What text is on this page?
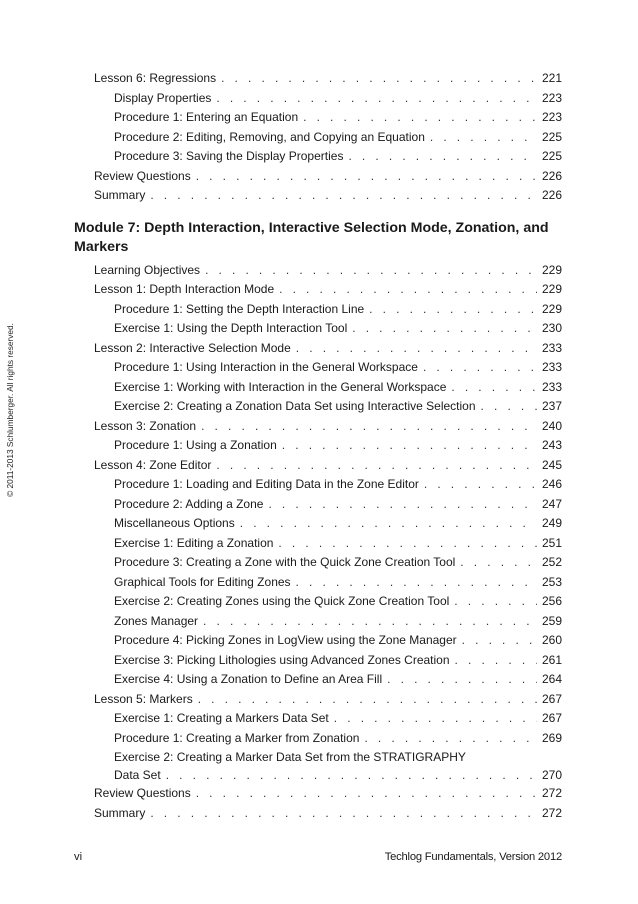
© 2011-2013 Schlumberger. All rights reserved.
Lesson 6: Regressions . . .	221
Display Properties . . .	223
Procedure 1: Entering an Equation . . .	223
Procedure 2: Editing, Removing, and Copying an Equation . . .	225
Procedure 3: Saving the Display Properties . . .	225
Review Questions . . .	226
Summary . . .	226
Module 7: Depth Interaction, Interactive Selection Mode, Zonation, and Markers
Learning Objectives . . .	229
Lesson 1: Depth Interaction Mode . . .	229
Procedure 1: Setting the Depth Interaction Line . . .	229
Exercise 1: Using the Depth Interaction Tool . . .	230
Lesson 2: Interactive Selection Mode . . .	233
Procedure 1: Using Interaction in the General Workspace . . .	233
Exercise 1: Working with Interaction in the General Workspace . . .	233
Exercise 2: Creating a Zonation Data Set using Interactive Selection . . .	237
Lesson 3: Zonation . . .	240
Procedure 1: Using a Zonation . . .	243
Lesson 4: Zone Editor . . .	245
Procedure 1: Loading and Editing Data in the Zone Editor . . .	246
Procedure 2: Adding a Zone . . .	247
Miscellaneous Options . . .	249
Exercise 1: Editing a Zonation . . .	251
Procedure 3: Creating a Zone with the Quick Zone Creation Tool . . .	252
Graphical Tools for Editing Zones . . .	253
Exercise 2: Creating Zones using the Quick Zone Creation Tool . . .	256
Zones Manager . . .	259
Procedure 4: Picking Zones in LogView using the Zone Manager . . .	260
Exercise 3: Picking Lithologies using Advanced Zones Creation . . .	261
Exercise 4: Using a Zonation to Define an Area Fill . . .	264
Lesson 5: Markers . . .	267
Exercise 1: Creating a Markers Data Set . . .	267
Procedure 1: Creating a Marker from Zonation . . .	269
Exercise 2: Creating a Marker Data Set from the STRATIGRAPHY
Data Set . . .	270
Review Questions . . .	272
Summary . . .	272
vi	Techlog Fundamentals, Version 2012
